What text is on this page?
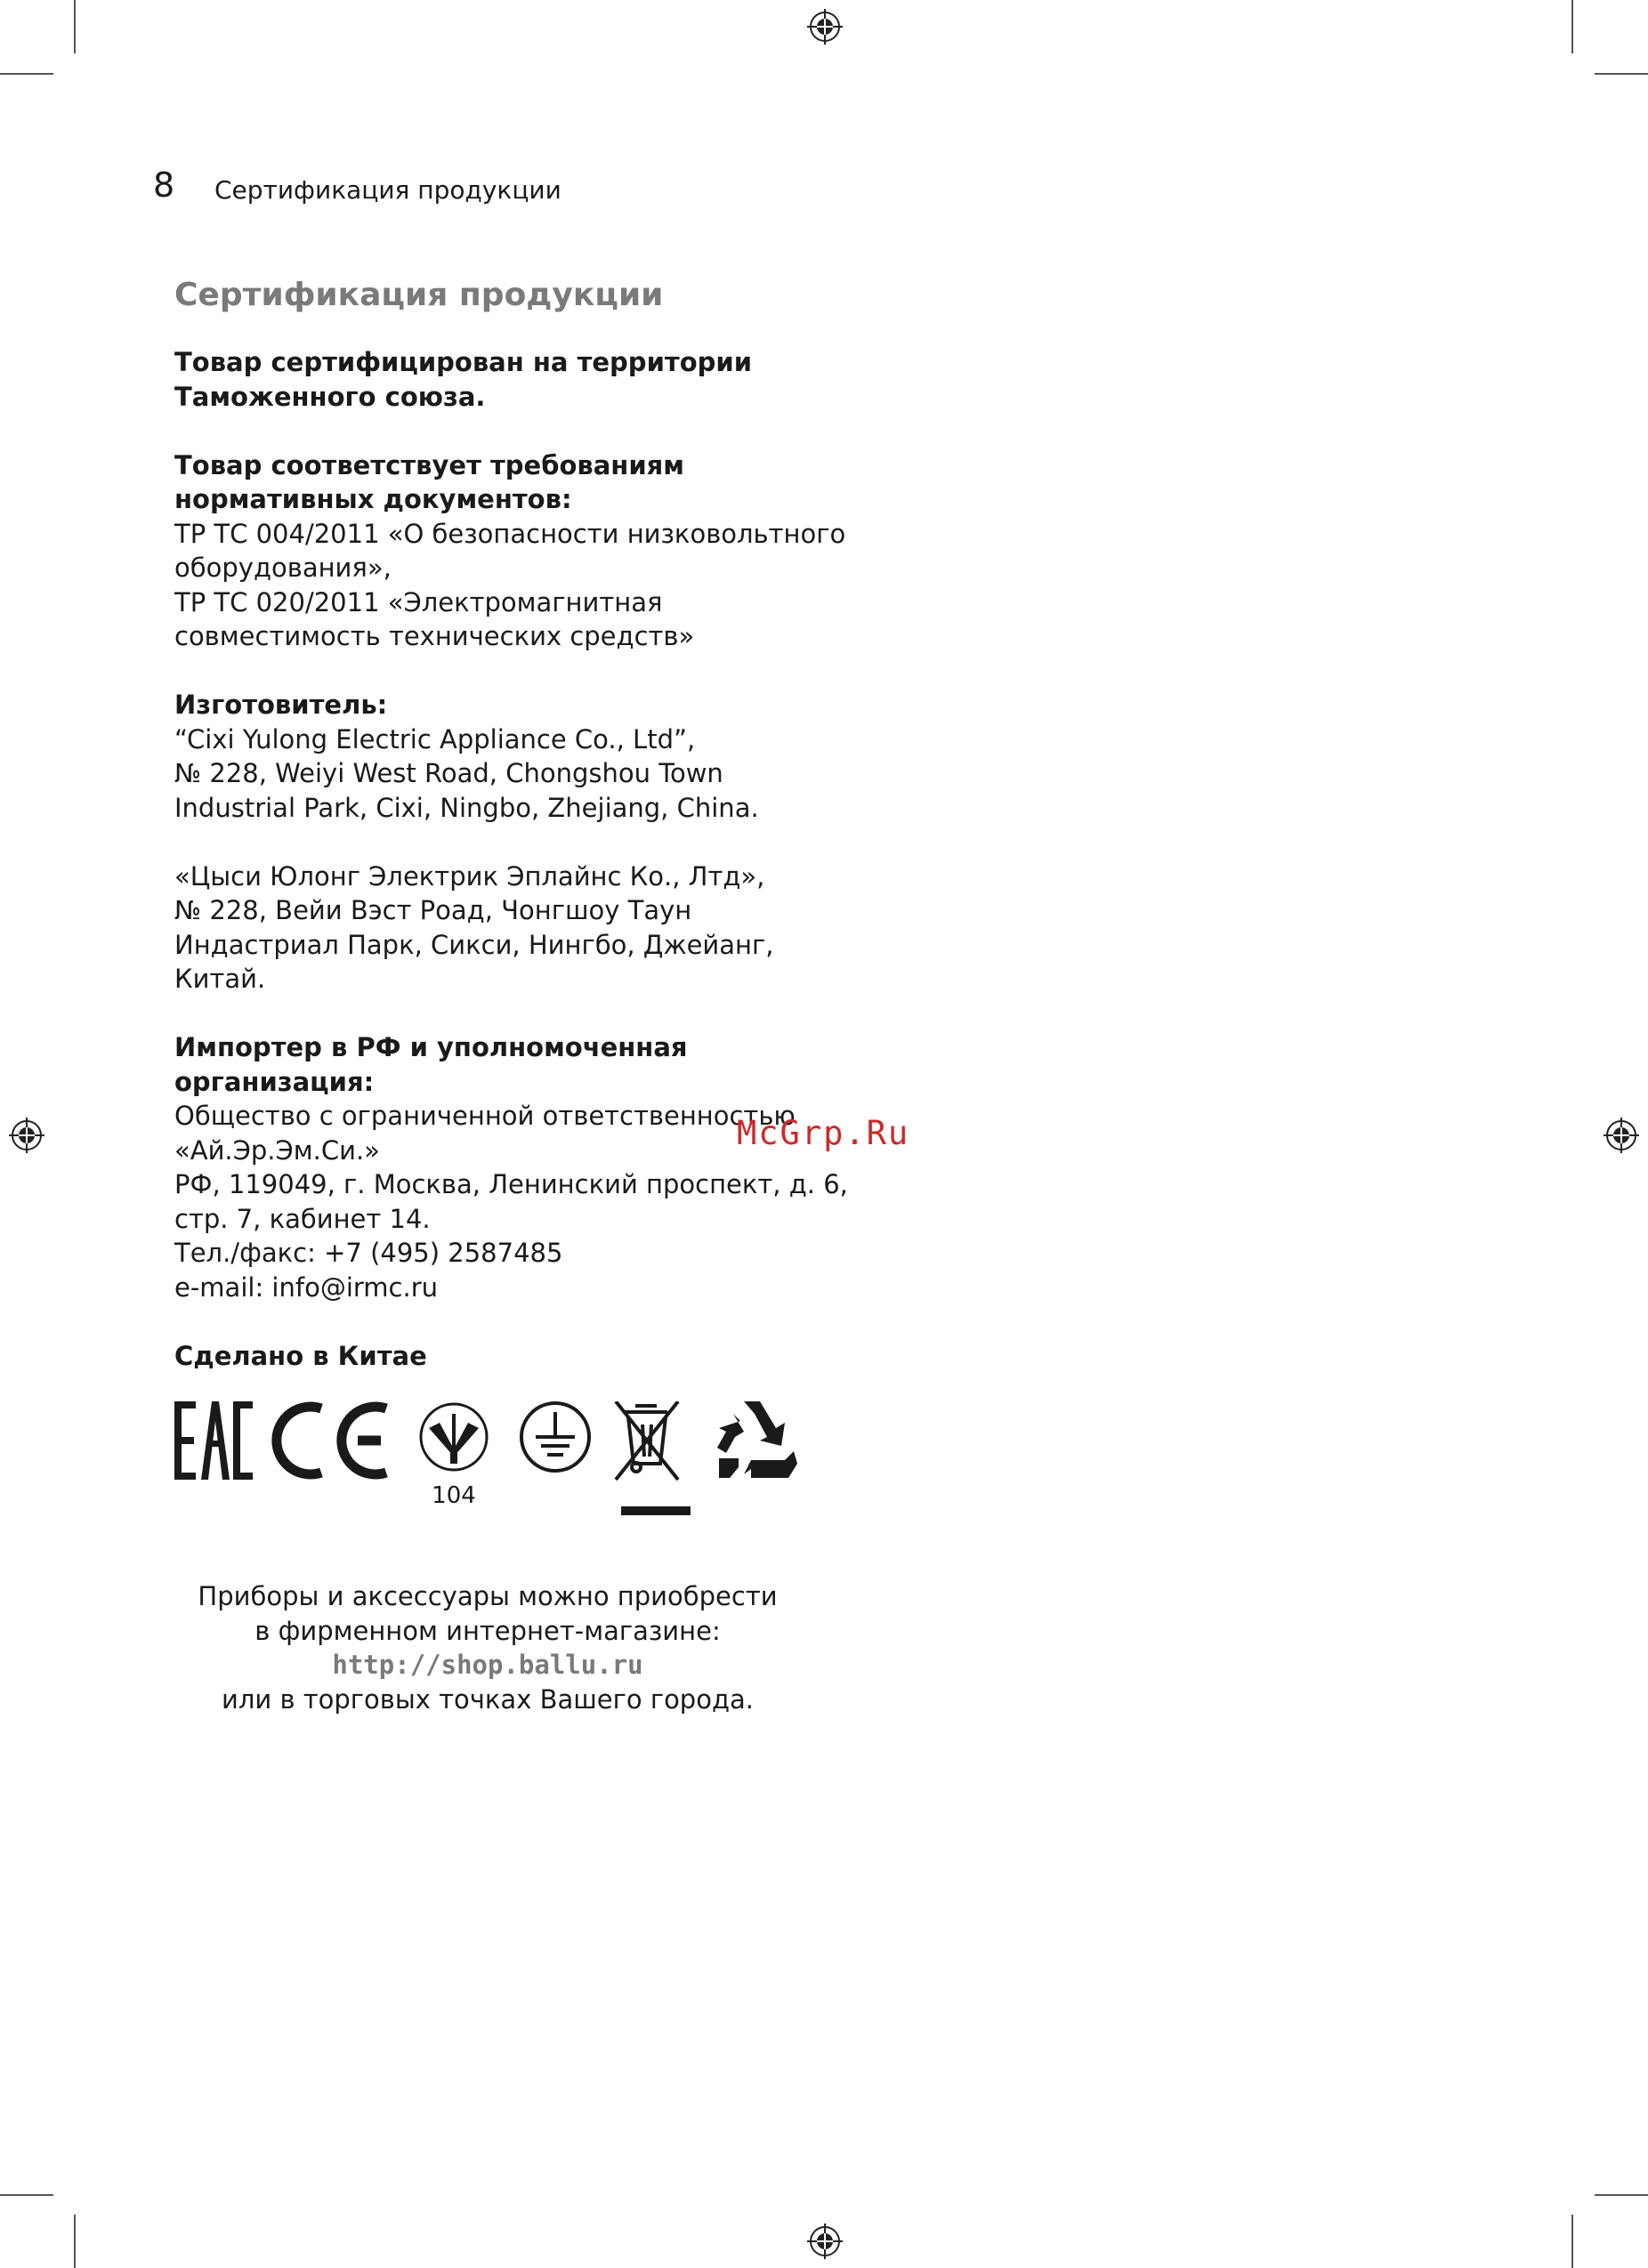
8 Сертификация продукции

Сертификация продукции

Товар сертифицирован на территории

Таможенного союза.

Товар соответствует требованиям

нормативных документов:

ТР ТС 004/2011 «О безопасности низковольтного

оборудования»,

ТР ТС 020/2011 «Электромагнитная

совместимость технических средств»

Изготовитель:

“Cixi Yulong Electric Appliance Co., Ltd”,

№ 228, Weiyi West Road, Chongshou Town

Industrial Park, Cixi, Ningbo, Zhejiang, China.

«Цыси Юлонг Электрик Эплайнс Ко., Лтд»,

№ 228, Вейи Вэст Роад, Чонгшоу Таун

Индастриал Парк, Сикси, Нингбо, Джейанг, Китай.

Импортер в РФ и уполномоченная

организация:

Общество с ограниченной ответственностью

«Ай.Эр.Эм.Си.»

РФ, 119049, г. Москва, Ленинский проспект, д. 6,

стр. 7, кабинет 14.

Тел./факс: +7 (495) 2587485

e-mail: info@irmc.ru

Сделано в Китае

McGrp.Ru
104
Приборы и аксессуары можно приобрести
в фирменном интернет-магазине:
http://shop.ballu.ru
или в торговых точках Вашего города.
